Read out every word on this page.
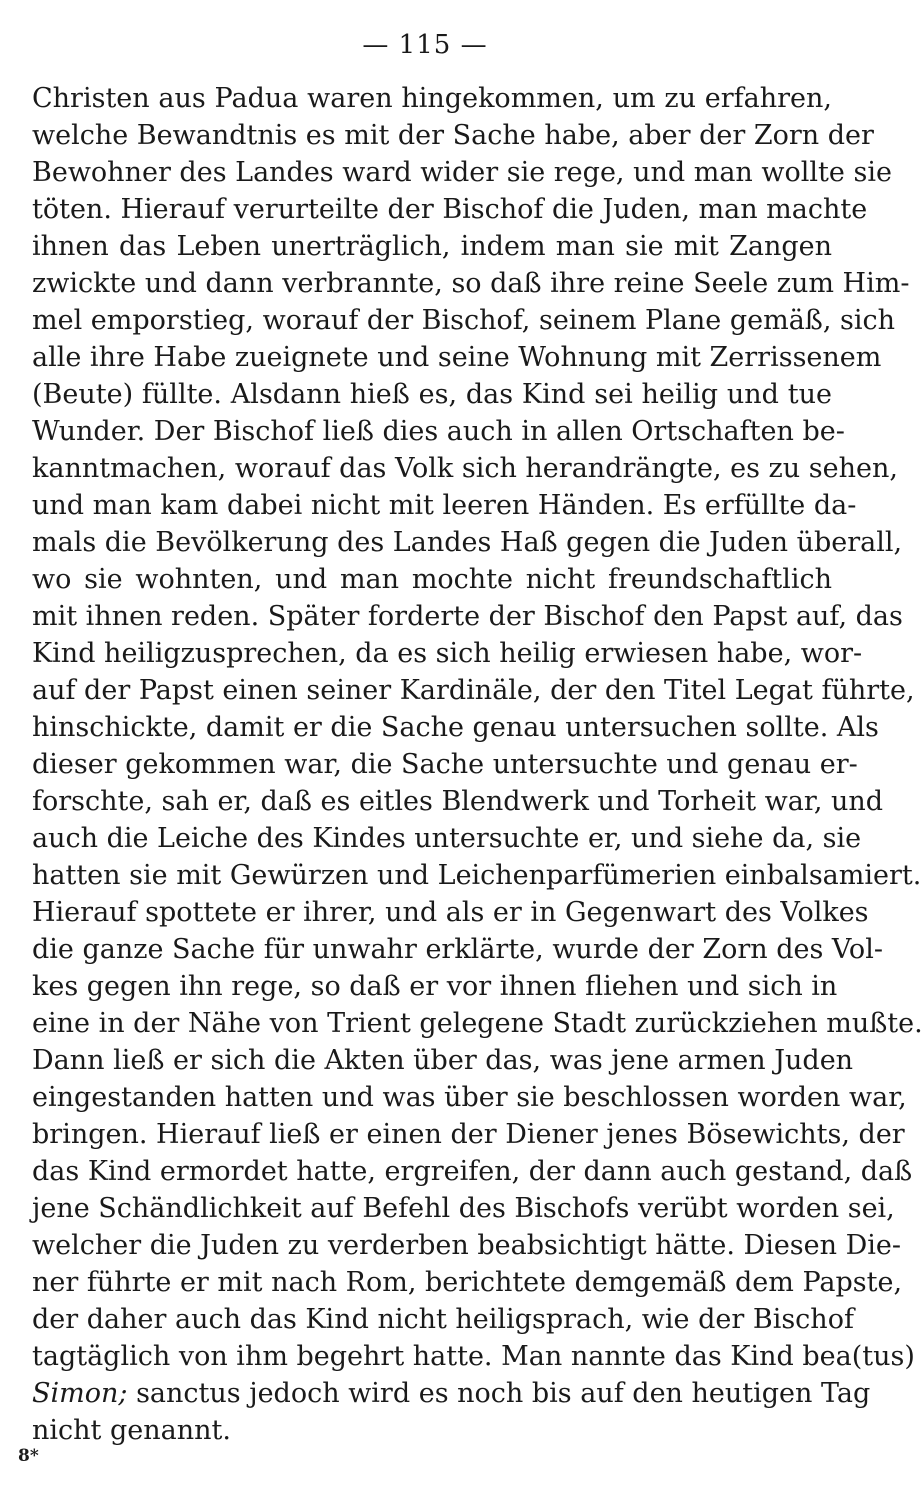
— 115 —
Christen aus Padua waren hingekommen, um zu erfahren,
welche Bewandtnis es mit der Sache habe, aber der Zorn der
Bewohner des Landes ward wider sie rege, und man wollte sie
töten. Hierauf verurteilte der Bischof die Juden, man machte
ihnen das Leben unerträglich, indem man sie mit Zangen
zwickte und dann verbrannte, so daß ihre reine Seele zum Him-
mel emporstieg, worauf der Bischof, seinem Plane gemäß, sich
alle ihre Habe zueignete und seine Wohnung mit Zerrissenem
(Beute) füllte. Alsdann hieß es, das Kind sei heilig und tue
Wunder. Der Bischof ließ dies auch in allen Ortschaften be-
kanntmachen, worauf das Volk sich herandrängte, es zu sehen,
und man kam dabei nicht mit leeren Händen. Es erfüllte da-
mals die Bevölkerung des Landes Haß gegen die Juden überall,
wo sie wohnten, und man mochte nicht freundschaftlich
mit ihnen reden. Später forderte der Bischof den Papst auf, das
Kind heiligzusprechen, da es sich heilig erwiesen habe, wor-
auf der Papst einen seiner Kardinäle, der den Titel Legat führte,
hinschickte, damit er die Sache genau untersuchen sollte. Als
dieser gekommen war, die Sache untersuchte und genau er-
forschte, sah er, daß es eitles Blendwerk und Torheit war, und
auch die Leiche des Kindes untersuchte er, und siehe da, sie
hatten sie mit Gewürzen und Leichenparfümerien einbalsamiert.
Hierauf spottete er ihrer, und als er in Gegenwart des Volkes
die ganze Sache für unwahr erklärte, wurde der Zorn des Vol-
kes gegen ihn rege, so daß er vor ihnen fliehen und sich in
eine in der Nähe von Trient gelegene Stadt zurückziehen mußte.
Dann ließ er sich die Akten über das, was jene armen Juden
eingestanden hatten und was über sie beschlossen worden war,
bringen. Hierauf ließ er einen der Diener jenes Bösewichts, der
das Kind ermordet hatte, ergreifen, der dann auch gestand, daß
jene Schändlichkeit auf Befehl des Bischofs verübt worden sei,
welcher die Juden zu verderben beabsichtigt hätte. Diesen Die-
ner führte er mit nach Rom, berichtete demgemäß dem Papste,
der daher auch das Kind nicht heiligsprach, wie der Bischof
tagtäglich von ihm begehrt hatte. Man nannte das Kind bea(tus)
Simon; sanctus jedoch wird es noch bis auf den heutigen Tag
nicht genannt.
8*
